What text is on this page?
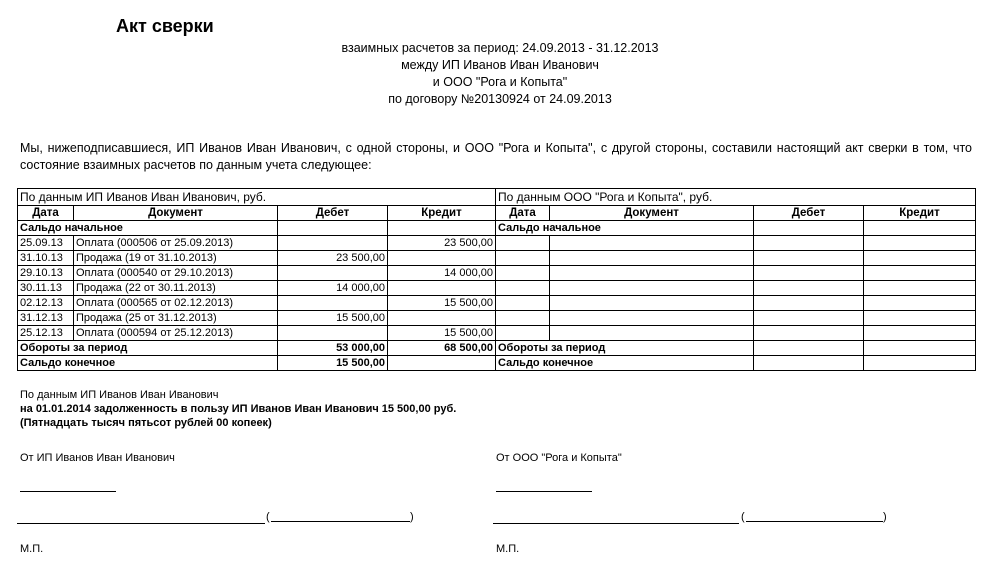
Акт сверки
взаимных расчетов за период: 24.09.2013 - 31.12.2013
между ИП Иванов Иван Иванович
и ООО "Рога и Копыта"
по договору №20130924 от 24.09.2013
Мы, нижеподписавшиеся, ИП Иванов Иван Иванович, с одной стороны, и ООО "Рога и Копыта", с другой стороны, составили настоящий акт сверки в том, что состояние взаимных расчетов по данным учета следующее:
По данным ИП Иванов Иван Иванович, руб.				По данным ООО "Рога и Копыта", руб.			
Дата	Документ	Дебет	Кредит	Дата	Документ	Дебет	Кредит
Сальдо начальное				Сальдо начальное			
25.09.13	Оплата (000506 от 25.09.2013)		23 500,00				
31.10.13	Продажа (19 от 31.10.2013)	23 500,00					
29.10.13	Оплата (000540 от 29.10.2013)		14 000,00				
30.11.13	Продажа (22 от 30.11.2013)	14 000,00					
02.12.13	Оплата (000565 от 02.12.2013)		15 500,00				
31.12.13	Продажа (25 от 31.12.2013)	15 500,00					
25.12.13	Оплата (000594 от 25.12.2013)		15 500,00				
Обороты за период		53 000,00	68 500,00	Обороты за период			
Сальдо конечное		15 500,00		Сальдо конечное			
По данным ИП Иванов Иван Иванович
на 01.01.2014 задолженность в пользу ИП Иванов Иван Иванович 15 500,00 руб.
(Пятнадцать тысяч пятьсот рублей 00 копеек)
От ИП Иванов Иван Иванович	От ООО "Рога и Копыта"
(	)	(	)
М.П.	М.П.
